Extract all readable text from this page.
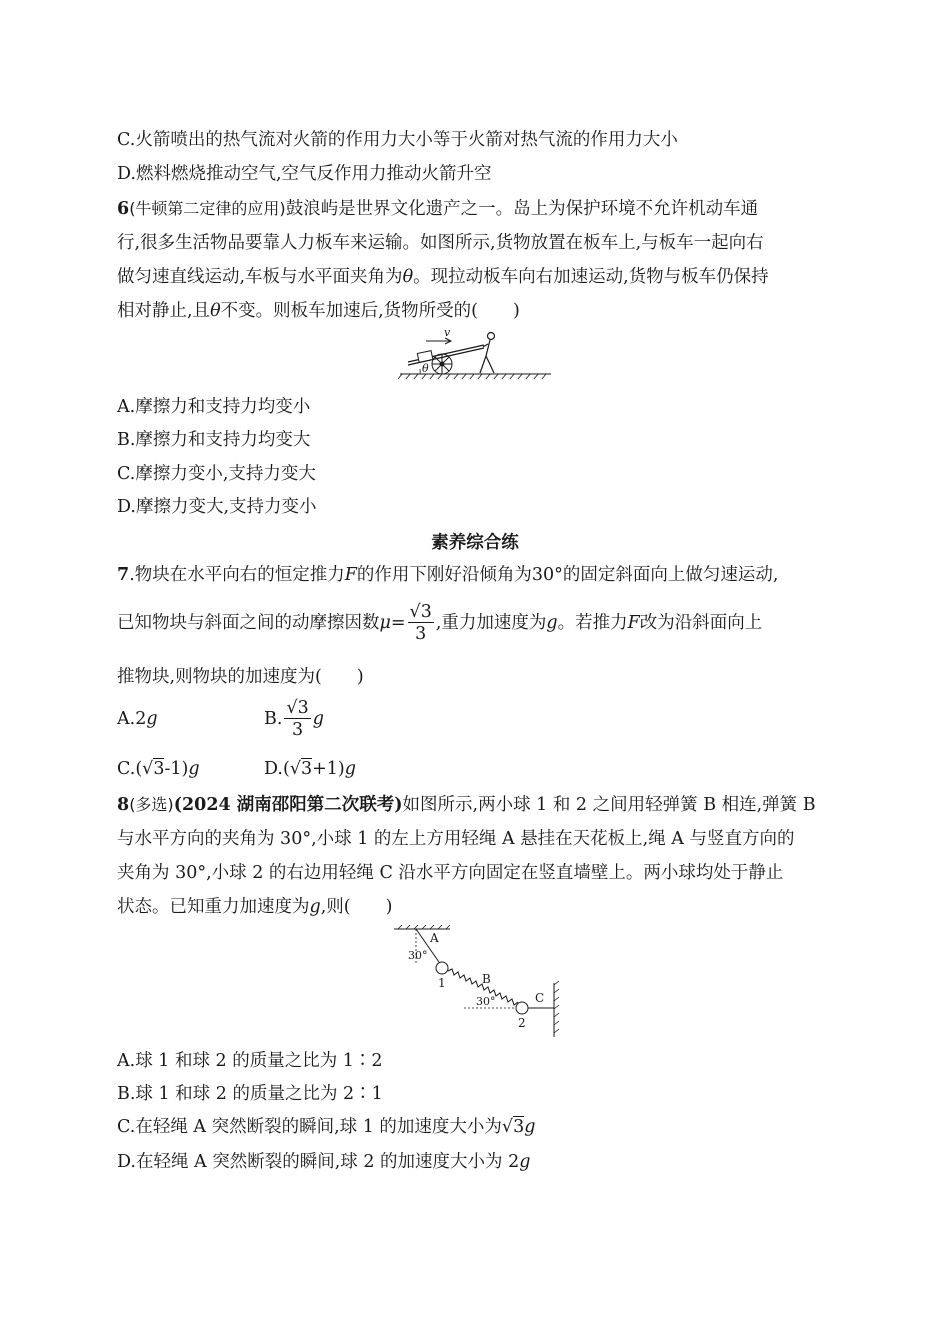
C.火箭喷出的热气流对火箭的作用力大小等于火箭对热气流的作用力大小
D.燃料燃烧推动空气,空气反作用力推动火箭升空
6(牛顿第二定律的应用)鼓浪屿是世界文化遗产之一。岛上为保护环境不允许机动车通
行,很多生活物品要靠人力板车来运输。如图所示,货物放置在板车上,与板车一起向右
做匀速直线运动,车板与水平面夹角为θ。现拉动板车向右加速运动,货物与板车仍保持
相对静止,且θ不变。则板车加速后,货物所受的(　　)
v
θ
A.摩擦力和支持力均变小
B.摩擦力和支持力均变大
C.摩擦力变小,支持力变大
D.摩擦力变大,支持力变小
素养综合练
7.物块在水平向右的恒定推力F的作用下刚好沿倾角为30°的固定斜面向上做匀速运动,
已知物块与斜面之间的动摩擦因数$\mu= \frac{√3}{3}$ ,重力加速度为g。若推力F改为沿斜面向上
推物块,则物块的加速度为(　　)
A.2g	B. $\frac{√3}{3}$ g
C.(√3-1)g	D.(√3+1)g
8(多选)(2024 湖南邵阳第二次联考)如图所示,两小球 1 和 2 之间用轻弹簧 B 相连,弹簧 B
与水平方向的夹角为 30°,小球 1 的左上方用轻绳 A 悬挂在天花板上,绳 A 与竖直方向的
夹角为 30°,小球 2 的右边用轻绳 C 沿水平方向固定在竖直墙壁上。两小球均处于静止
状态。已知重力加速度为g,则(　　)
A
30°
1	B
30°
2
C
A.球 1 和球 2 的质量之比为 1∶2
B.球 1 和球 2 的质量之比为 2∶1
C.在轻绳 A 突然断裂的瞬间,球 1 的加速度大小为√3g
D.在轻绳 A 突然断裂的瞬间,球 2 的加速度大小为 2g
